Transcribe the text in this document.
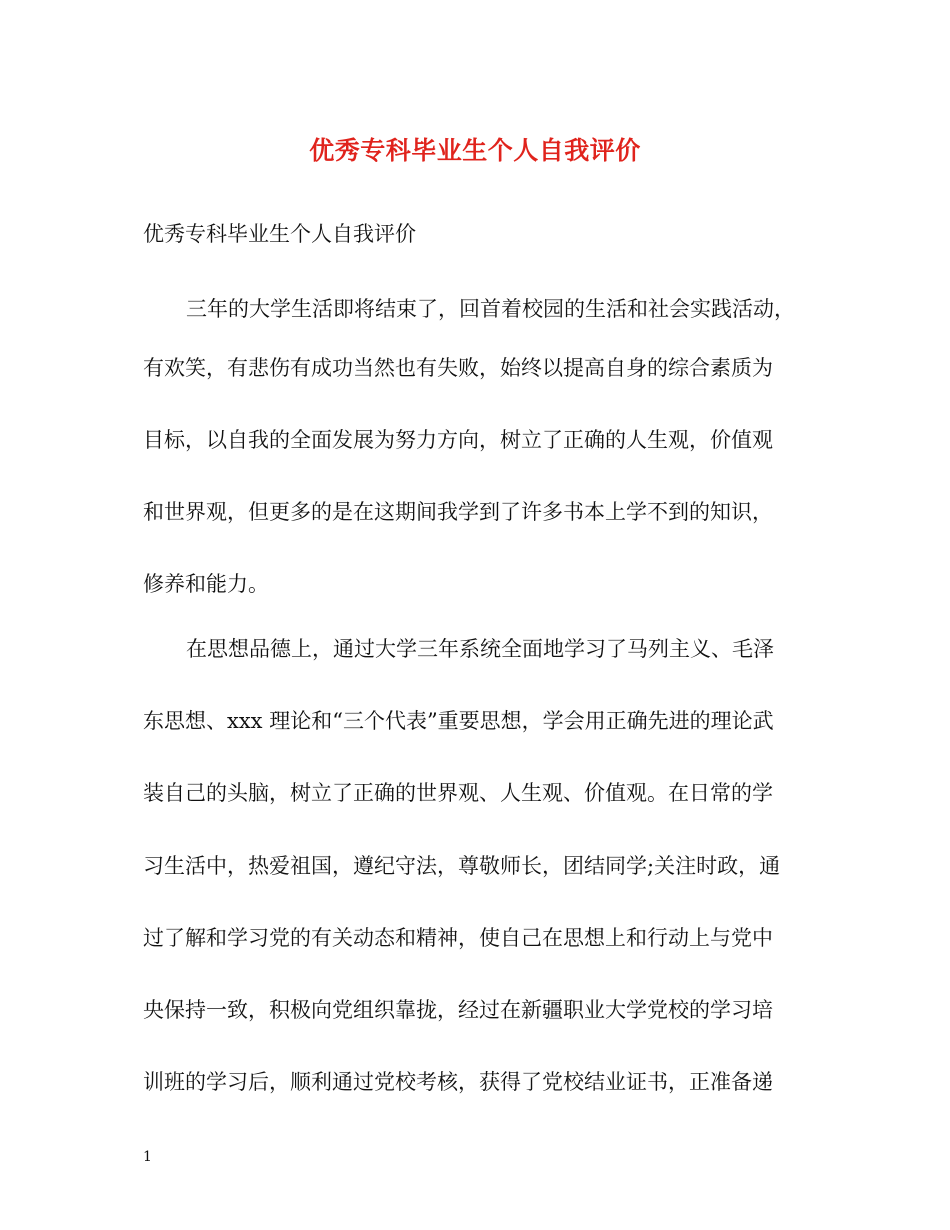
优秀专科毕业生个人自我评价
优秀专科毕业生个人自我评价
三年的大学生活即将结束了，回首着校园的生活和社会实践活动，
有欢笑，有悲伤有成功当然也有失败，始终以提高自身的综合素质为
目标，以自我的全面发展为努力方向，树立了正确的人生观，价值观
和世界观，但更多的是在这期间我学到了许多书本上学不到的知识，
修养和能力。
在思想品德上，通过大学三年系统全面地学习了马列主义、毛泽
东思想、xxx 理论和“三个代表”重要思想，学会用正确先进的理论武
装自己的头脑，树立了正确的世界观、人生观、价值观。在日常的学
习生活中，热爱祖国，遵纪守法，尊敬师长，团结同学;关注时政，通
过了解和学习党的有关动态和精神，使自己在思想上和行动上与党中
央保持一致，积极向党组织靠拢，经过在新疆职业大学党校的学习培
训班的学习后，顺利通过党校考核，获得了党校结业证书，正准备递
1
